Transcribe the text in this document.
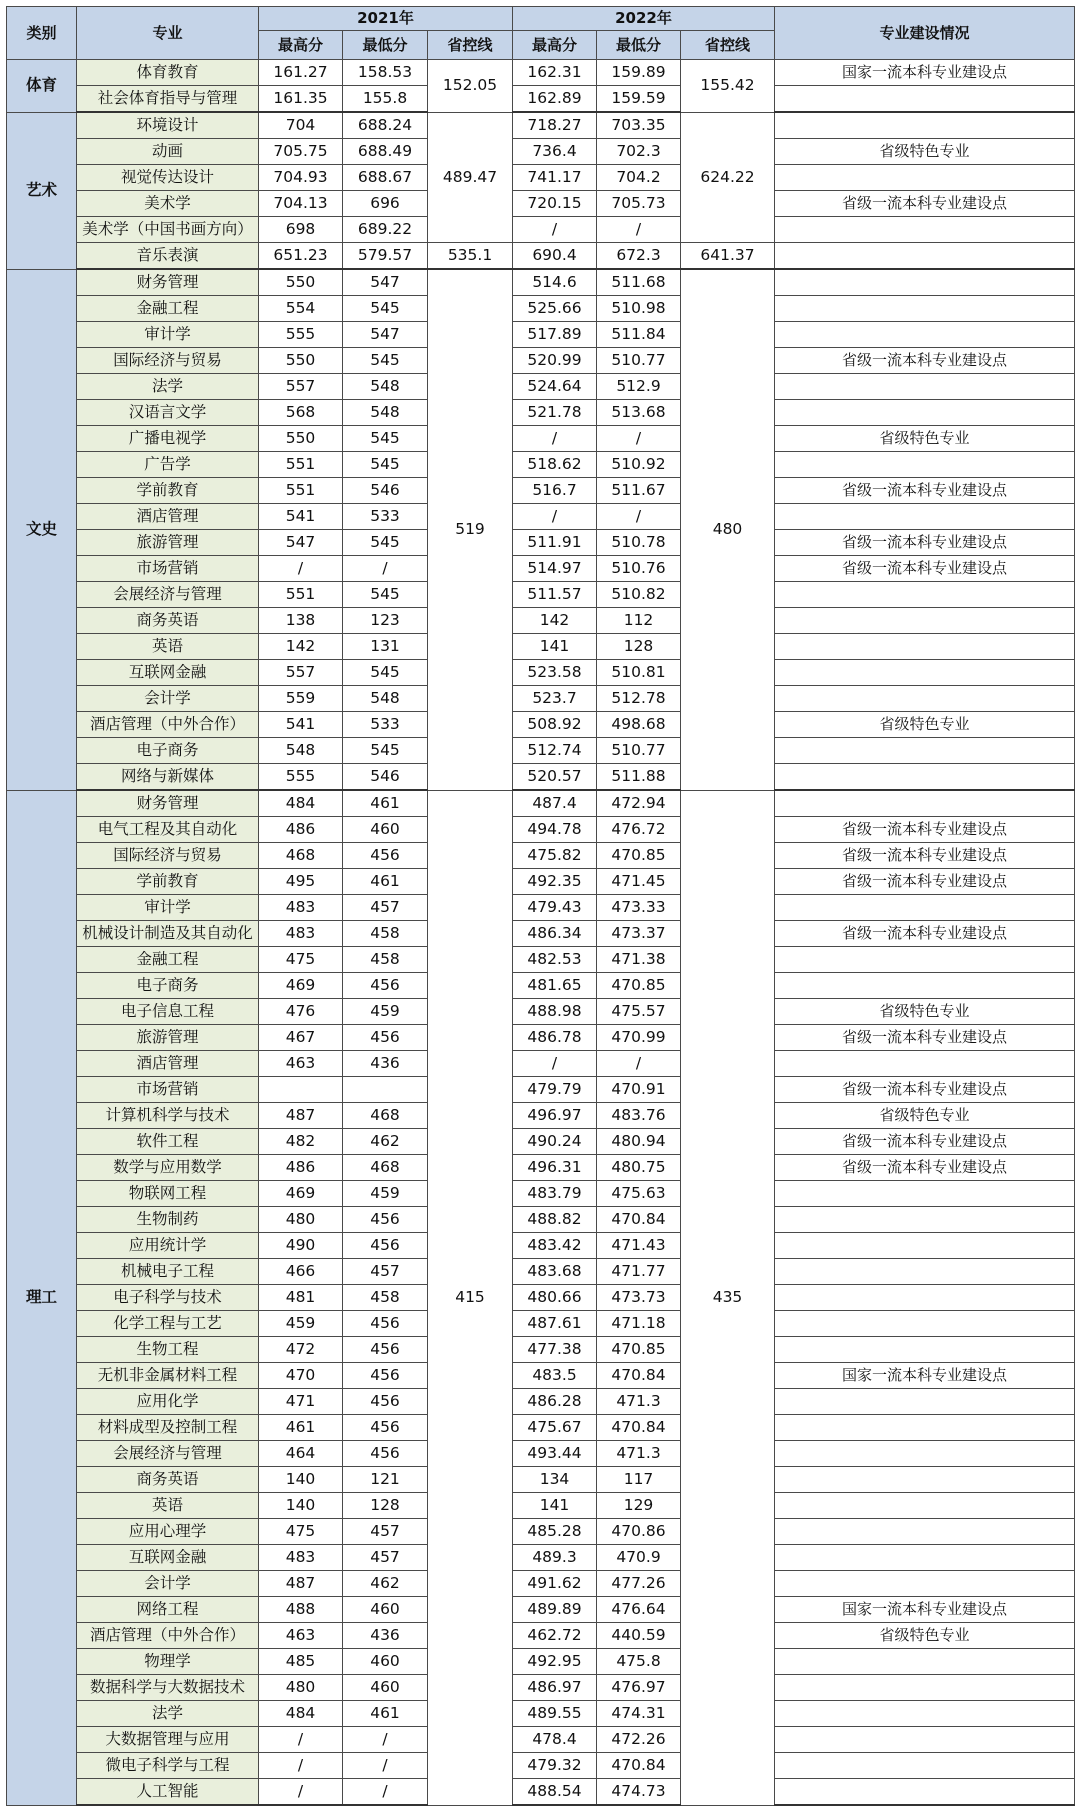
类别	专业	2021年			2022年			专业建设情况
		最高分	最低分	省控线	最高分	最低分	省控线	
体育	体育教育	161.27	158.53	152.05	162.31	159.89	155.42	国家一流本科专业建设点
	社会体育指导与管理	161.35	155.8		162.89	159.59		
艺术	环境设计	704	688.24	489.47	718.27	703.35	624.22	
	动画	705.75	688.49		736.4	702.3		省级特色专业
	视觉传达设计	704.93	688.67		741.17	704.2		
	美术学	704.13	696		720.15	705.73		省级一流本科专业建设点
	美术学（中国书画方向）	698	689.22		/	/		
	音乐表演	651.23	579.57	535.1	690.4	672.3	641.37	
文史	财务管理	550	547	519	514.6	511.68	480	
	金融工程	554	545		525.66	510.98		
	审计学	555	547		517.89	511.84		
	国际经济与贸易	550	545		520.99	510.77		省级一流本科专业建设点
	法学	557	548		524.64	512.9		
	汉语言文学	568	548		521.78	513.68		
	广播电视学	550	545		/	/		省级特色专业
	广告学	551	545		518.62	510.92		
	学前教育	551	546		516.7	511.67		省级一流本科专业建设点
	酒店管理	541	533		/	/		
	旅游管理	547	545		511.91	510.78		省级一流本科专业建设点
	市场营销	/	/		514.97	510.76		省级一流本科专业建设点
	会展经济与管理	551	545		511.57	510.82		
	商务英语	138	123		142	112		
	英语	142	131		141	128		
	互联网金融	557	545		523.58	510.81		
	会计学	559	548		523.7	512.78		
	酒店管理（中外合作）	541	533		508.92	498.68		省级特色专业
	电子商务	548	545		512.74	510.77		
	网络与新媒体	555	546		520.57	511.88		
理工	财务管理	484	461	415	487.4	472.94	435	
	电气工程及其自动化	486	460		494.78	476.72		省级一流本科专业建设点
	国际经济与贸易	468	456		475.82	470.85		省级一流本科专业建设点
	学前教育	495	461		492.35	471.45		省级一流本科专业建设点
	审计学	483	457		479.43	473.33		
	机械设计制造及其自动化	483	458		486.34	473.37		省级一流本科专业建设点
	金融工程	475	458		482.53	471.38		
	电子商务	469	456		481.65	470.85		
	电子信息工程	476	459		488.98	475.57		省级特色专业
	旅游管理	467	456		486.78	470.99		省级一流本科专业建设点
	酒店管理	463	436		/	/		
	市场营销				479.79	470.91		省级一流本科专业建设点
	计算机科学与技术	487	468		496.97	483.76		省级特色专业
	软件工程	482	462		490.24	480.94		省级一流本科专业建设点
	数学与应用数学	486	468		496.31	480.75		省级一流本科专业建设点
	物联网工程	469	459		483.79	475.63		
	生物制药	480	456		488.82	470.84		
	应用统计学	490	456		483.42	471.43		
	机械电子工程	466	457		483.68	471.77		
	电子科学与技术	481	458		480.66	473.73		
	化学工程与工艺	459	456		487.61	471.18		
	生物工程	472	456		477.38	470.85		
	无机非金属材料工程	470	456		483.5	470.84		国家一流本科专业建设点
	应用化学	471	456		486.28	471.3		
	材料成型及控制工程	461	456		475.67	470.84		
	会展经济与管理	464	456		493.44	471.3		
	商务英语	140	121		134	117		
	英语	140	128		141	129		
	应用心理学	475	457		485.28	470.86		
	互联网金融	483	457		489.3	470.9		
	会计学	487	462		491.62	477.26		
	网络工程	488	460		489.89	476.64		国家一流本科专业建设点
	酒店管理（中外合作）	463	436		462.72	440.59		省级特色专业
	物理学	485	460		492.95	475.8		
	数据科学与大数据技术	480	460		486.97	476.97		
	法学	484	461		489.55	474.31		
	大数据管理与应用	/	/		478.4	472.26		
	微电子科学与工程	/	/		479.32	470.84		
	人工智能	/	/		488.54	474.73		
